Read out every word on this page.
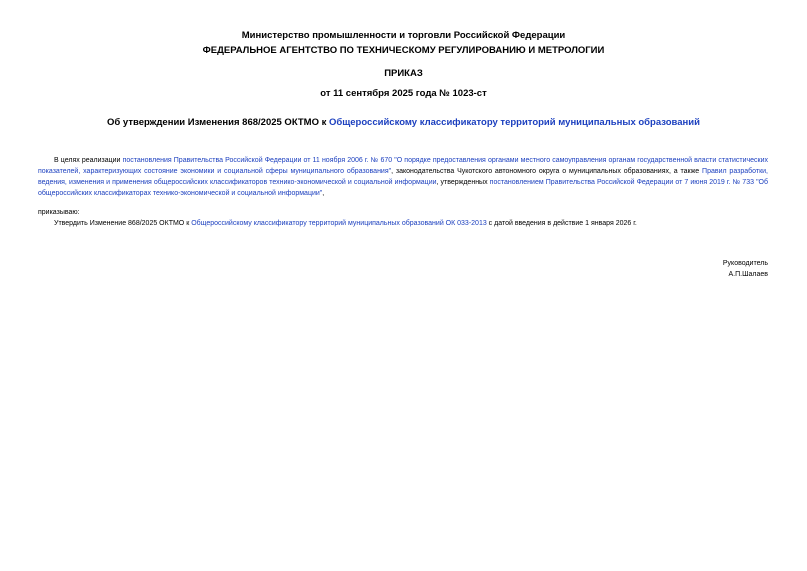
Министерство промышленности и торговли Российской Федерации
ФЕДЕРАЛЬНОЕ АГЕНТСТВО ПО ТЕХНИЧЕСКОМУ РЕГУЛИРОВАНИЮ И МЕТРОЛОГИИ
ПРИКАЗ
от 11 сентября 2025 года № 1023-ст
Об утверждении Изменения 868/2025 ОКТМО к Общероссийскому классификатору территорий муниципальных образований
В целях реализации постановления Правительства Российской Федерации от 11 ноября 2006 г. № 670 "О порядке предоставления органами местного самоуправления органам государственной власти статистических показателей, характеризующих состояние экономики и социальной сферы муниципального образования", законодательства Чукотского автономного округа о муниципальных образованиях, а также Правил разработки, ведения, изменения и применения общероссийских классификаторов технико-экономической и социальной информации, утвержденных постановлением Правительства Российской Федерации от 7 июня 2019 г. № 733 "Об общероссийских классификаторах технико-экономической и социальной информации",
приказываю:
Утвердить Изменение 868/2025 ОКТМО к Общероссийскому классификатору территорий муниципальных образований ОК 033-2013 с датой введения в действие 1 января 2026 г.
Руководитель
А.П.Шалаев
